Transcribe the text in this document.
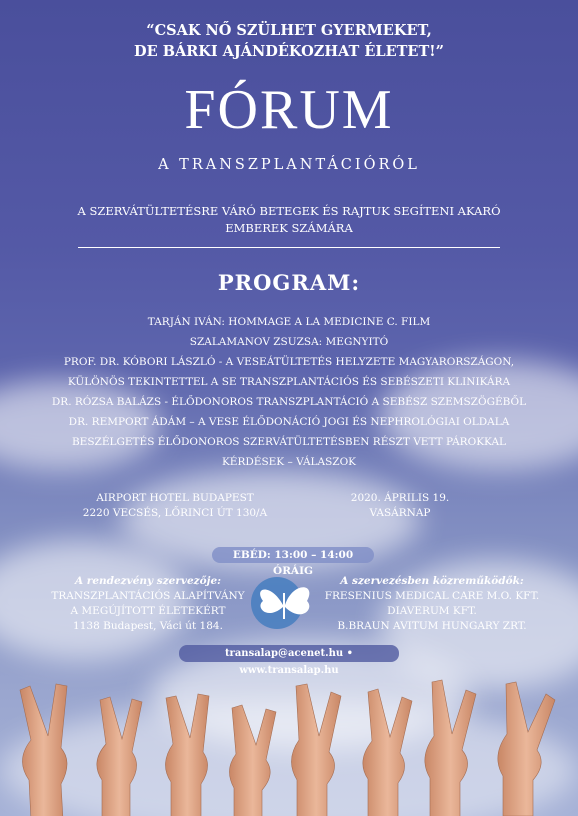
“CSAK NŐ SZÜLHET GYERMEKET,
DE BÁRKI AJÁNDÉKOZHAT ÉLETET!”
FÓRUM
A TRANSZPLANTÁCIÓRÓL
A SZERVÁTÜLTETÉSRE VÁRÓ BETEGEK ÉS RAJTUK SEGÍTENI AKARÓ
EMBEREK SZÁMÁRA
PROGRAM:
TARJÁN IVÁN: HOMMAGE A LA MEDICINE C. FILM
SZALAMANOV ZSUZSA: MEGNYITÓ
PROF. DR. KÓBORI LÁSZLÓ - A VESEÁTÜLTETÉS HELYZETE MAGYARORSZÁGON,
KÜLÖNÖS TEKINTETTEL A SE TRANSZPLANTÁCIÓS ÉS SEBÉSZETI KLINIKÁRA
DR. RÓZSA BALÁZS - ÉLŐDONOROS TRANSZPLANTÁCIÓ A SEBÉSZ SZEMSZÖGÉBŐL
DR. REMPORT ÁDÁM – A VESE ÉLŐDONÁCIÓ JOGI ÉS NEPHROLÓGIAI OLDALA
BESZÉLGETÉS ÉLŐDONOROS SZERVÁTÜLTETÉSBEN RÉSZT VETT PÁROKKAL
KÉRDÉSEK – VÁLASZOK
AIRPORT HOTEL BUDAPEST
2220 VECSÉS, LŐRINCI ÚT 130/A
2020. ÁPRILIS 19.
VASÁRNAP
EBÉD: 13:00 – 14:00 ÓRÁIG
A rendezvény szervezője:
TRANSZPLANTÁCIÓS ALAPÍTVÁNY
A MEGÚJÍTOTT ÉLETEKÉRT
1138 Budapest, Váci út 184.
A szervezésben közreműködők:
FRESENIUS MEDICAL CARE M.O. KFT.
DIAVERUM KFT.
B.BRAUN AVITUM HUNGARY ZRT.
transalap@acenet.hu • www.transalap.hu
